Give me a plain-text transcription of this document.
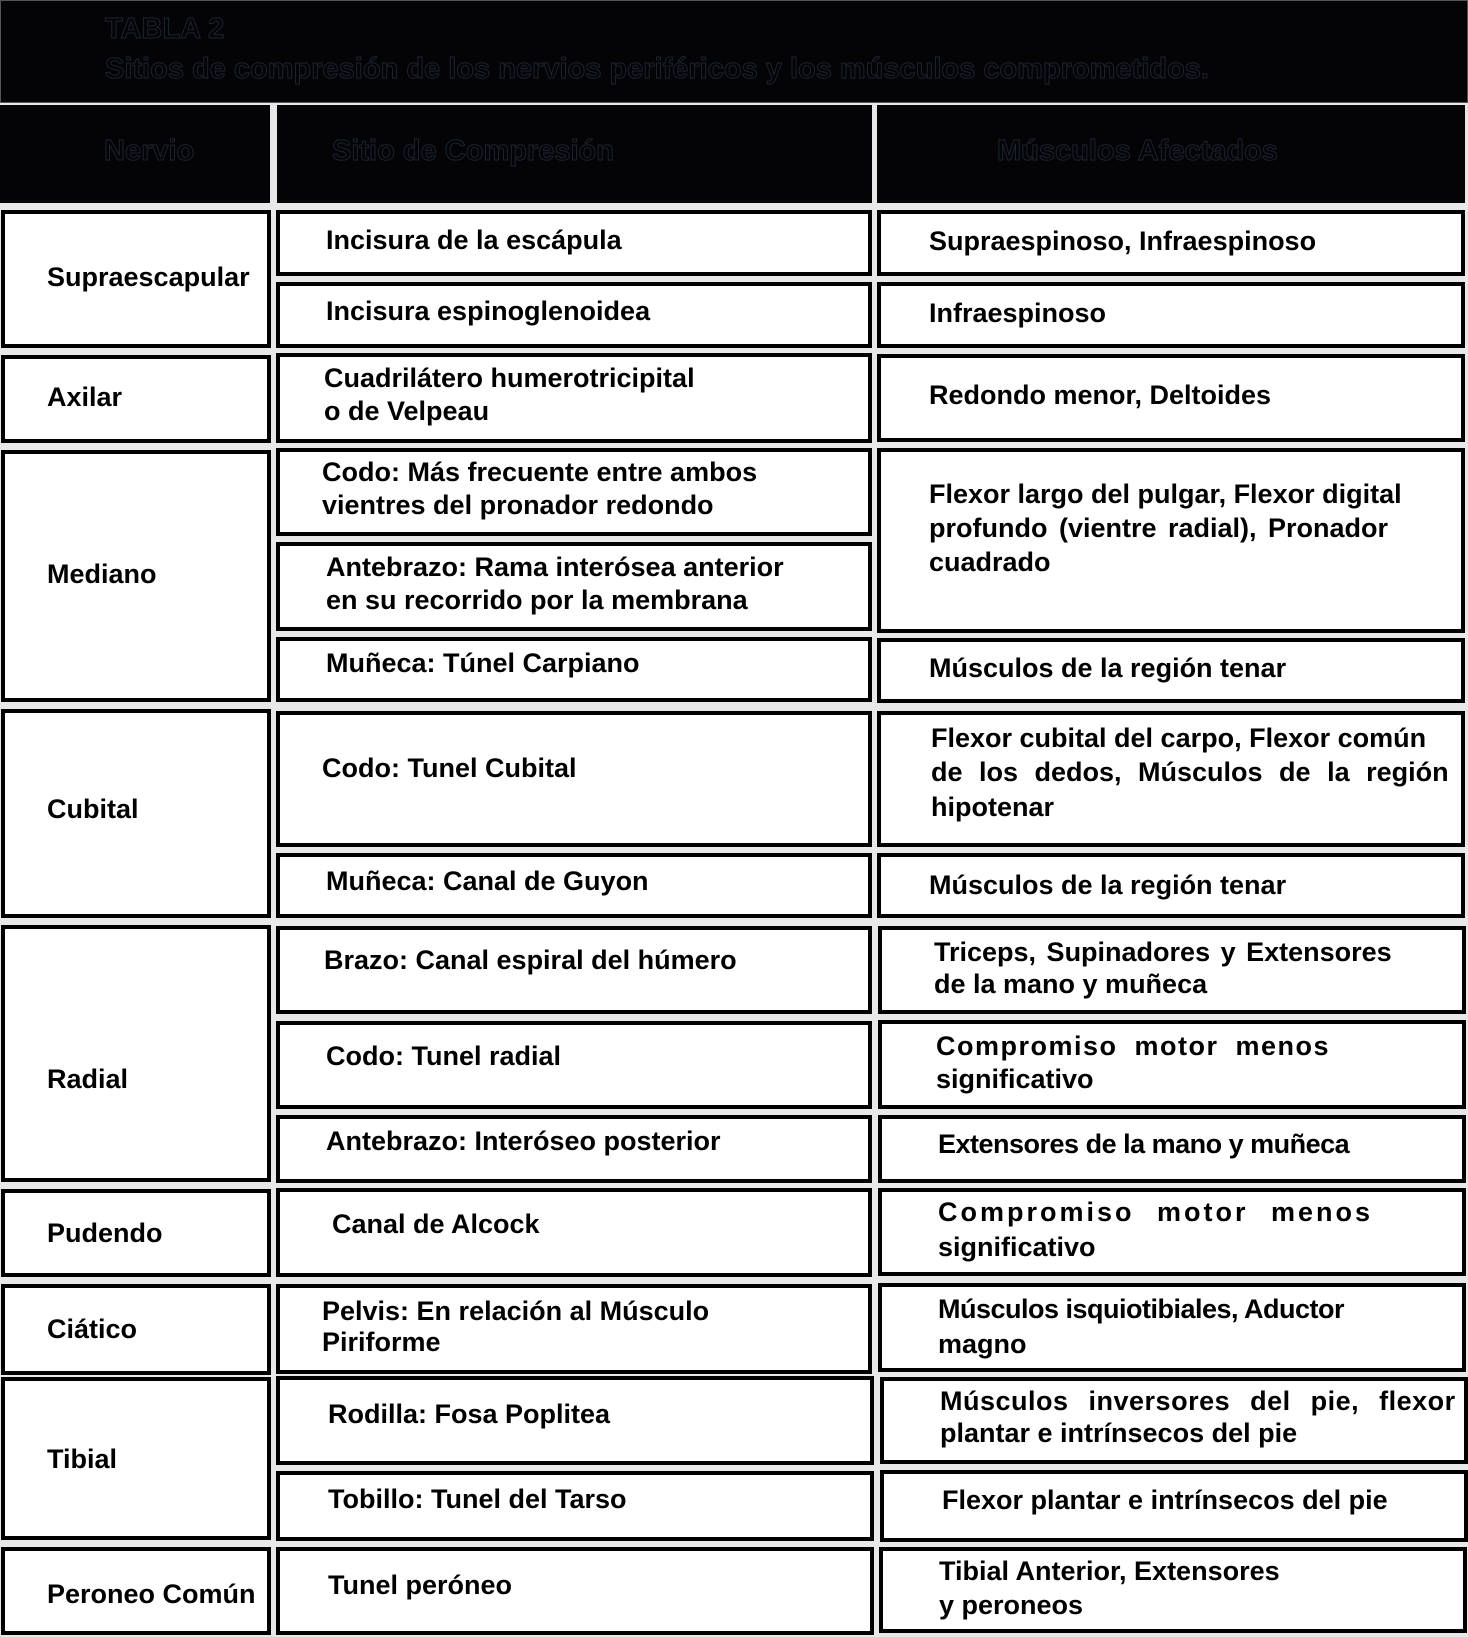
TABLA 2
Sitios de compresión de los nervios periféricos y los músculos comprometidos.
Nervio	Sitio de Compresión	Músculos Afectados
Supraescapular
Axilar
Mediano
Cubital
Radial
Pudendo
Ciático
Tibial
Peroneo Común
Incisura de la escápula
Incisura espinoglenoidea
Cuadrilátero humerotricipital
o de Velpeau
Codo: Más frecuente entre ambos
vientres del pronador redondo
Antebrazo: Rama interósea anterior
en su recorrido por la membrana
Muñeca: Túnel Carpiano
Codo: Tunel Cubital
Muñeca: Canal de Guyon
Brazo: Canal espiral del húmero
Codo: Tunel radial
Antebrazo: Interóseo posterior
Canal de Alcock
Pelvis: En relación al Músculo
Piriforme
Rodilla: Fosa Poplitea
Tobillo: Tunel del Tarso
Tunel peróneo
Supraespinoso, Infraespinoso
Infraespinoso
Redondo menor, Deltoides
Flexor largo del pulgar, Flexor digital
profundo (vientre radial), Pronador
cuadrado
Músculos de la región tenar
Flexor cubital del carpo, Flexor común
de los dedos, Músculos de la región
hipotenar
Músculos de la región tenar
Triceps, Supinadores y Extensores
de la mano y muñeca
Compromiso motor menos
significativo
Extensores de la mano y muñeca
Compromiso motor menos
significativo
Músculos isquiotibiales, Aductor
magno
Músculos inversores del pie, flexor
plantar e intrínsecos del pie
Flexor plantar e intrínsecos del pie
Tibial Anterior, Extensores
y peroneos
